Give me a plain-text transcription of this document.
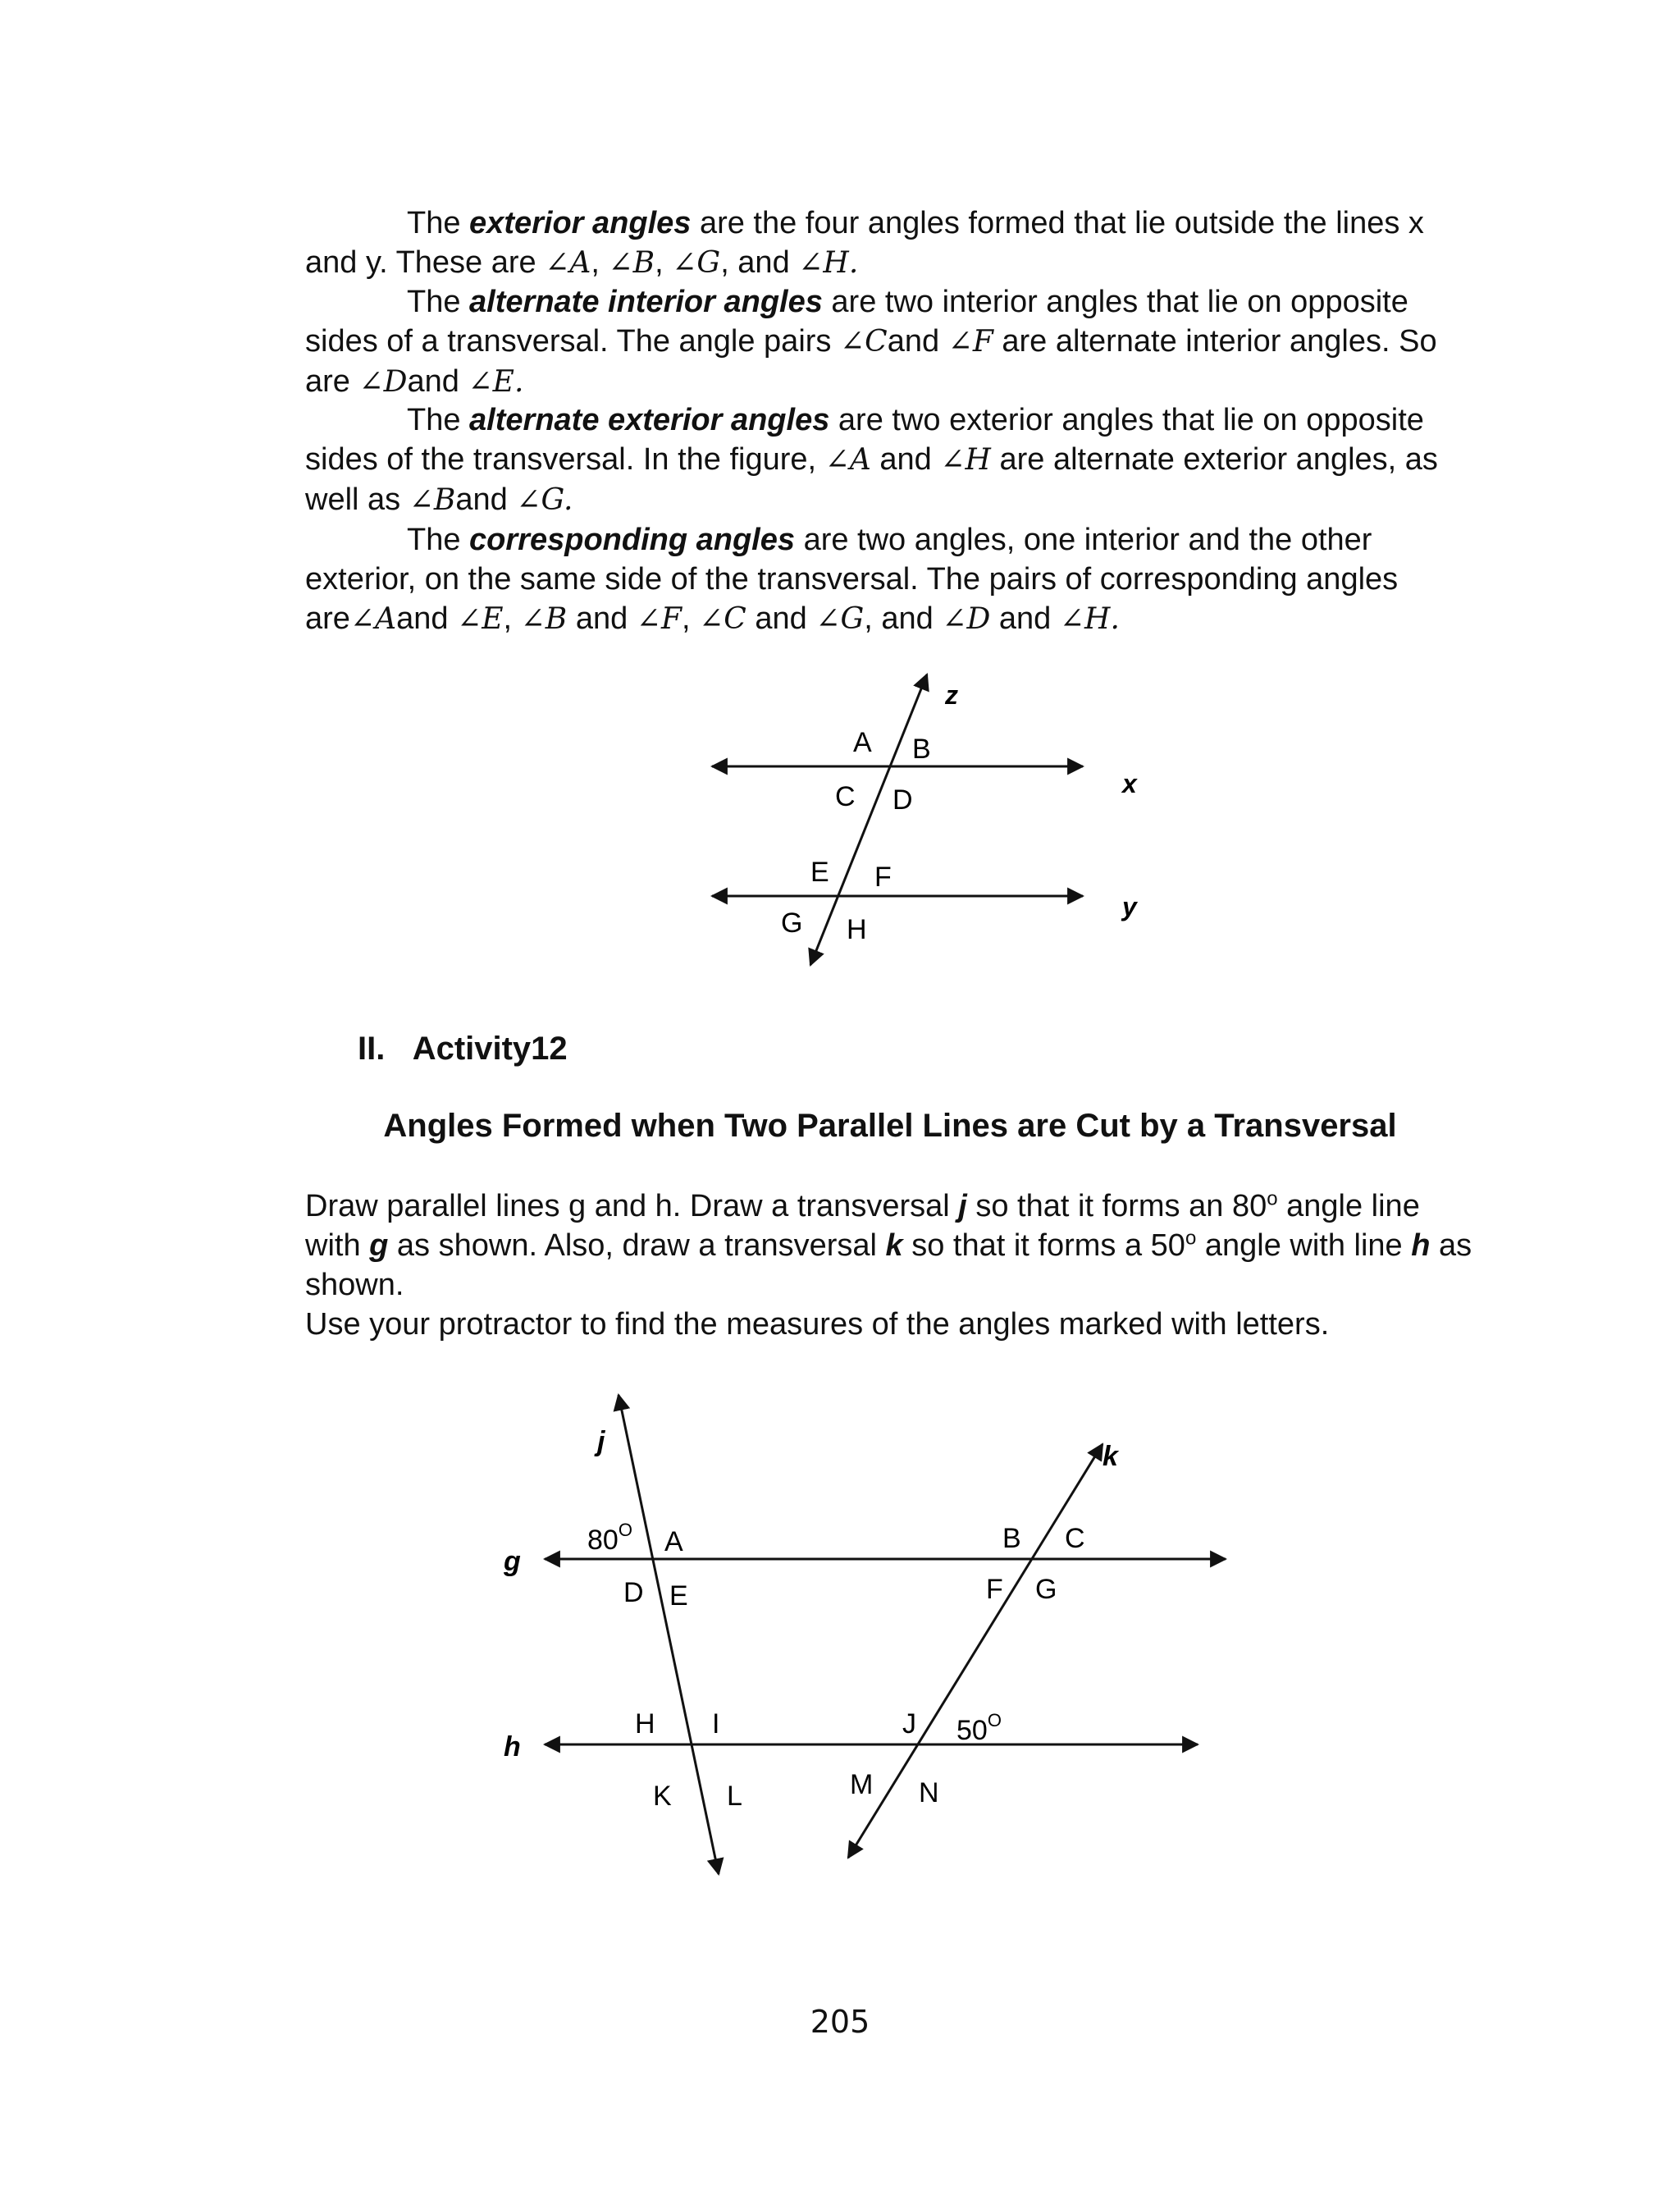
The exterior angles are the four angles formed that lie outside the lines x and y. These are ∠A, ∠B, ∠G, and ∠H.

The alternate interior angles are two interior angles that lie on opposite sides of a transversal. The angle pairs ∠Cand ∠F are alternate interior angles. So are ∠Dand ∠E.

The alternate exterior angles are two exterior angles that lie on opposite sides of the transversal. In the figure, ∠A and ∠H are alternate exterior angles, as well as ∠Band ∠G.

The corresponding angles are two angles, one interior and the other exterior, on the same side of the transversal. The pairs of corresponding angles are∠Aand ∠E, ∠B and ∠F, ∠C and ∠G, and ∠D and ∠H.

z
x
y
A B
C D
E F
G H

II. Activity12

Angles Formed when Two Parallel Lines are Cut by a Transversal

Draw parallel lines g and h. Draw a transversal j so that it forms an 80$^o$ angle line with g as shown. Also, draw a transversal k so that it forms a 50$^o$ angle with line h as shown.

Use your protractor to find the measures of the angles marked with letters.

g
h
j	k
$80^O$
$50^O$
A	B C
D E	F G
H I	J
K L	M N
205
